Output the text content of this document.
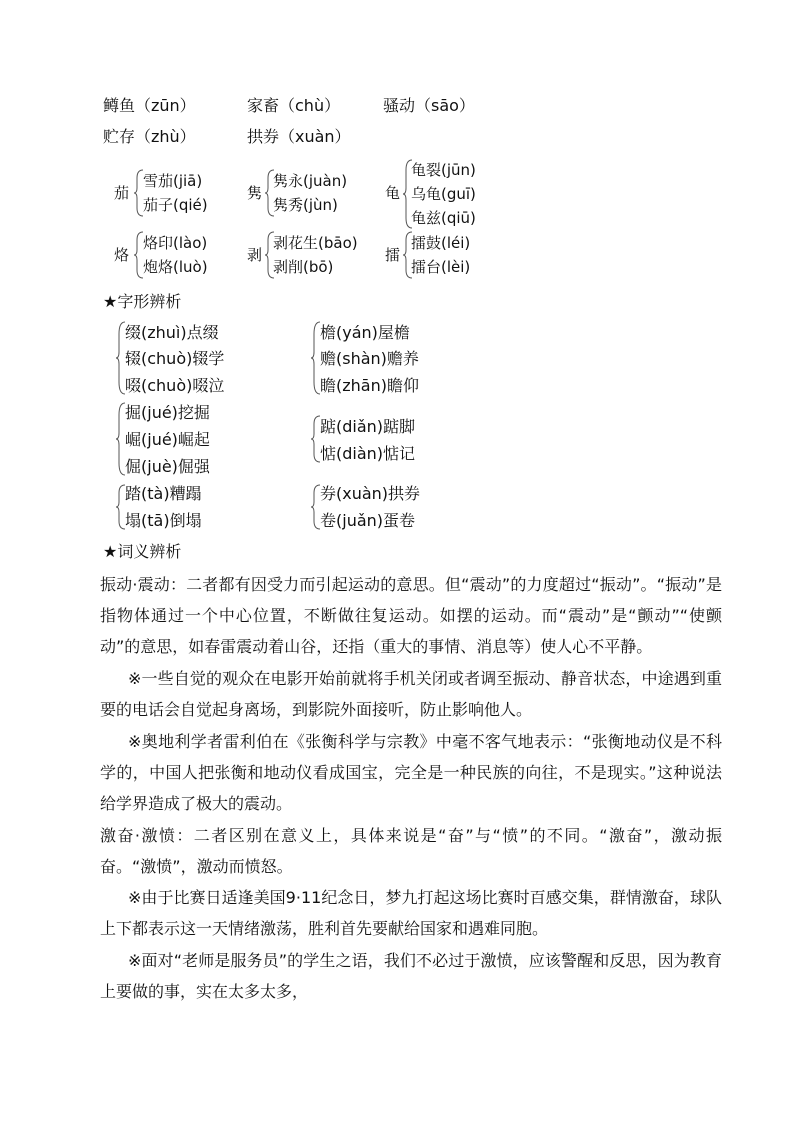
鳟鱼（zūn）	家畜（chù）	骚动（sāo）
贮存（zhù）	拱券（xuàn）
茄
雪茄(jiā)
茄子(qié)
隽
隽永(juàn)
隽秀(jùn)
龟
龟裂(jūn)
乌龟(guī)
龟兹(qiū)
烙
烙印(lào)
炮烙(luò)
剥
剥花生(bāo)
剥削(bō)
擂
擂鼓(léi)
擂台(lèi)
★字形辨析
缀(zhuì)点缀
辍(chuò)辍学
啜(chuò)啜泣
掘(jué)挖掘
崛(jué)崛起
倔(juè)倔强
踏(tà)糟蹋
塌(tā)倒塌
檐(yán)屋檐
赡(shàn)赡养
瞻(zhān)瞻仰
踮(diǎn)踮脚
惦(diàn)惦记
券(xuàn)拱券
卷(juǎn)蛋卷
★词义辨析
振动·震动：二者都有因受力而引起运动的意思。但“震动”的力度超过“振动”。“振动”是指物体通过一个中心位置，不断做往复运动。如摆的运动。而“震动”是“颤动”“使颤动”的意思，如春雷震动着山谷，还指（重大的事情、消息等）使人心不平静。
※一些自觉的观众在电影开始前就将手机关闭或者调至振动、静音状态，中途遇到重要的电话会自觉起身离场，到影院外面接听，防止影响他人。
※奥地利学者雷利伯在《张衡科学与宗教》中毫不客气地表示：“张衡地动仪是不科学的，中国人把张衡和地动仪看成国宝，完全是一种民族的向往，不是现实。”这种说法给学界造成了极大的震动。
激奋·激愤：二者区别在意义上，具体来说是“奋”与“愤”的不同。“激奋”，激动振奋。“激愤”，激动而愤怒。
※由于比赛日适逢美国9·11纪念日，梦九打起这场比赛时百感交集，群情激奋，球队上下都表示这一天情绪激荡，胜利首先要献给国家和遇难同胞。
※面对“老师是服务员”的学生之语，我们不必过于激愤，应该警醒和反思，因为教育上要做的事，实在太多太多，
